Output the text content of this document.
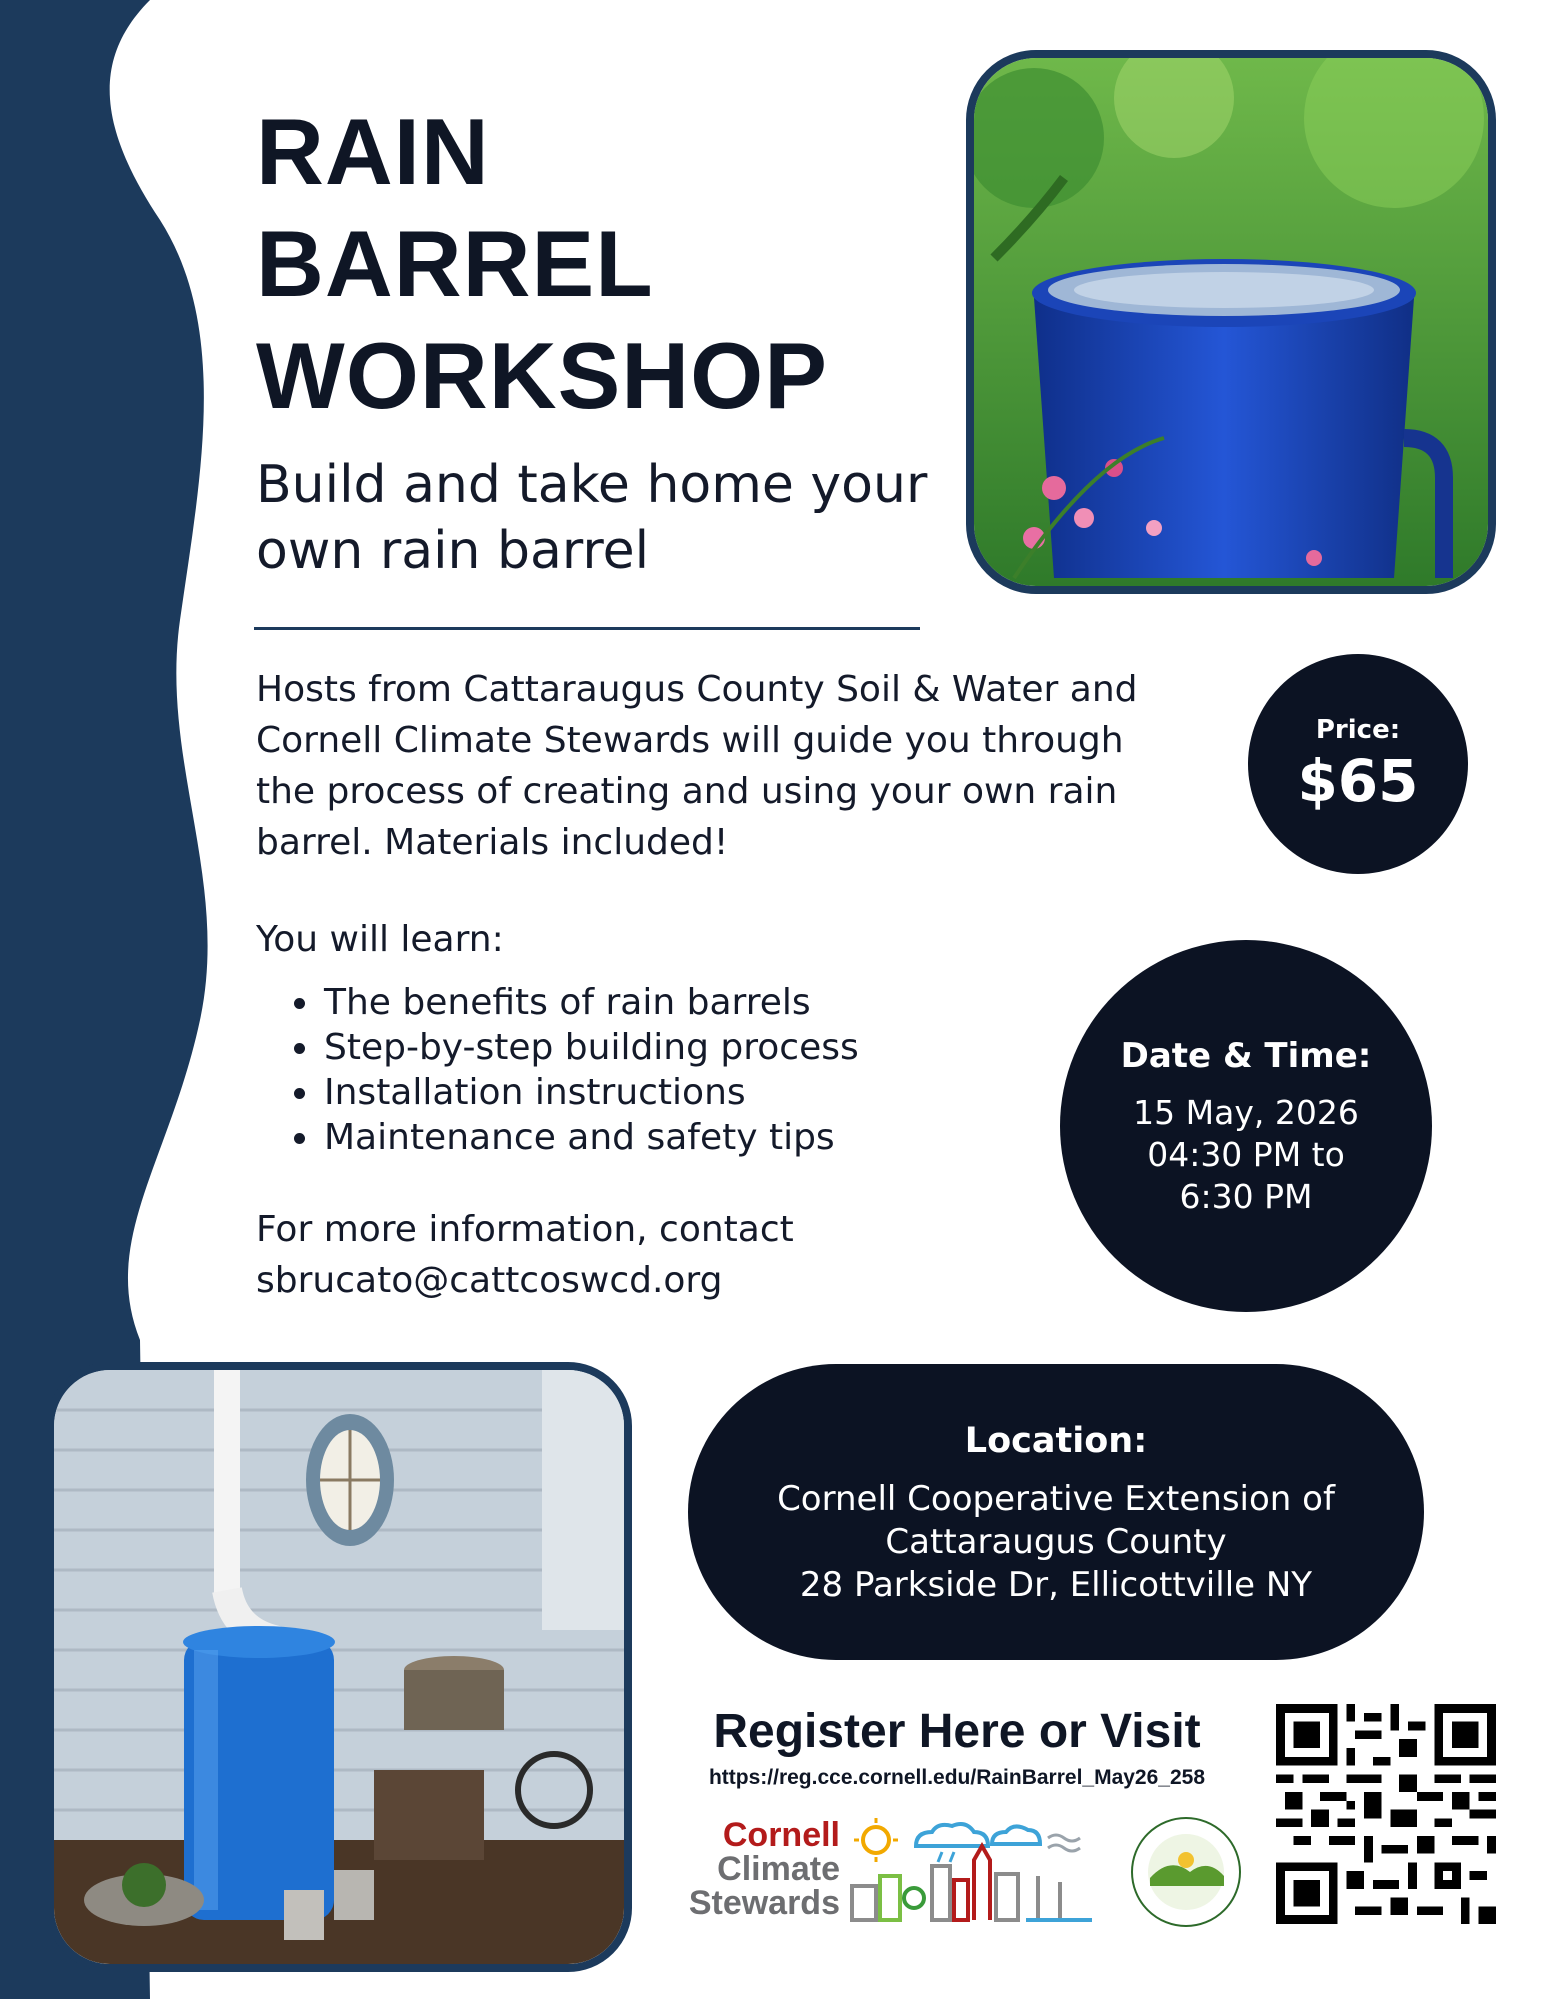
RAIN
BARREL
WORKSHOP
Build and take home your own rain barrel

Hosts from Cattaraugus County Soil & Water and Cornell Climate Stewards will guide you through the process of creating and using your own rain barrel. Materials included!

You will learn:

• The benefits of rain barrels
• Step-by-step building process
• Installation instructions
• Maintenance and safety tips
For more information, contact
sbrucato@cattcoswcd.org
Price:
$65
Date & Time:
15 May, 2026
04:30 PM to
6:30 PM
Location:
Cornell Cooperative Extension of
Cattaraugus County
28 Parkside Dr, Ellicottville NY
Register Here or Visit
https://reg.cce.cornell.edu/RainBarrel_May26_258
Cornell
Climate
Stewards
